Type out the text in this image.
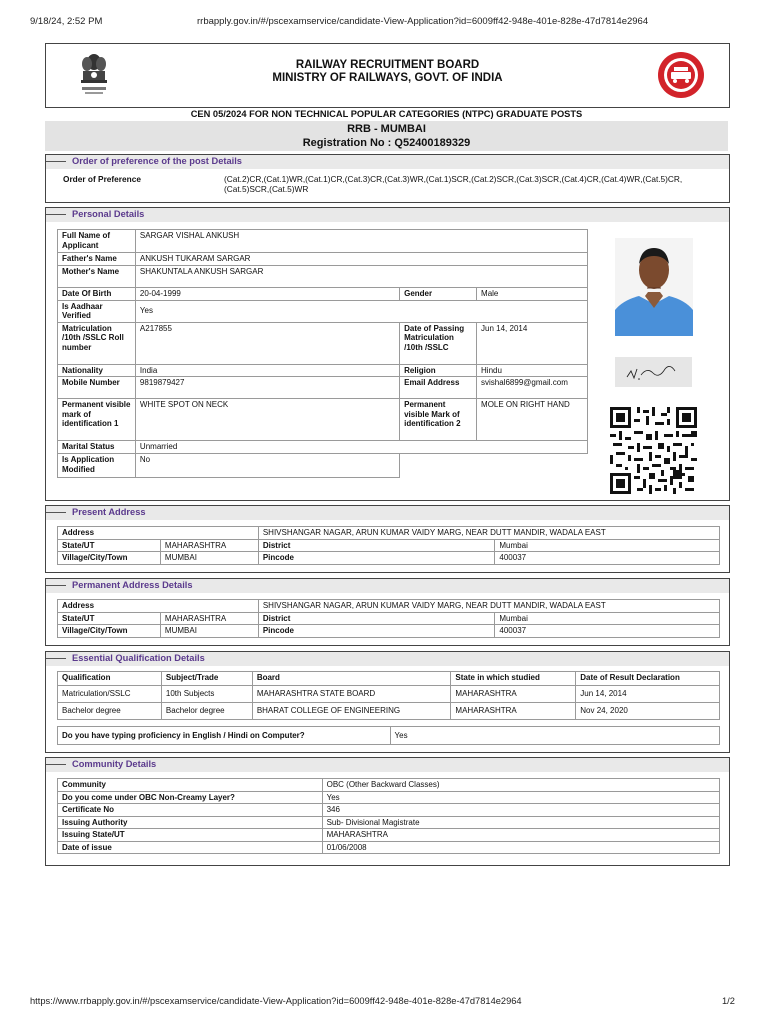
9/18/24, 2:52 PM	rrbapply.gov.in/#/pscexamservice/candidate-View-Application?id=6009ff42-948e-401e-828e-47d7814e2964
RAILWAY RECRUITMENT BOARD
MINISTRY OF RAILWAYS, GOVT. OF INDIA
CEN 05/2024 FOR NON TECHNICAL POPULAR CATEGORIES (NTPC) GRADUATE POSTS
RRB - MUMBAI
Registration No : Q52400189329
Order of preference of the post Details
Order of Preference	(Cat.2)CR,(Cat.1)WR,(Cat.1)CR,(Cat.3)CR,(Cat.3)WR,(Cat.1)SCR,(Cat.2)SCR,(Cat.3)SCR,(Cat.4)CR,(Cat.4)WR,(Cat.5)CR,(Cat.5)SCR,(Cat.5)WR
Personal Details
Full Name of Applicant	SARGAR VISHAL ANKUSH		
Father's Name	ANKUSH TUKARAM SARGAR		
Mother's Name	SHAKUNTALA ANKUSH SARGAR		
Date Of Birth	20-04-1999	Gender	Male
Is Aadhaar Verified	Yes		
Matriculation /10th /SSLC Roll number	A217855	Date of Passing Matriculation /10th /SSLC	Jun 14, 2014
Nationality	India	Religion	Hindu
Mobile Number	9819879427	Email Address	svishal6899@gmail.com
Permanent visible mark of identification 1	WHITE SPOT ON NECK	Permanent visible Mark of identification 2	MOLE ON RIGHT HAND
Marital Status	Unmarried		
Is Application Modified	No
Present Address
Address		SHIVSHANGAR NAGAR, ARUN KUMAR VAIDY MARG, NEAR DUTT MANDIR, WADALA EAST	
State/UT	MAHARASHTRA	District	Mumbai
Village/City/Town	MUMBAI	Pincode	400037
Permanent Address Details
Address		SHIVSHANGAR NAGAR, ARUN KUMAR VAIDY MARG, NEAR DUTT MANDIR, WADALA EAST	
State/UT	MAHARASHTRA	District	Mumbai
Village/City/Town	MUMBAI	Pincode	400037
Essential Qualification Details
Qualification	Subject/Trade	Board	State in which studied	Date of Result Declaration
Matriculation/SSLC	10th Subjects	MAHARASHTRA STATE BOARD	MAHARASHTRA	Jun 14, 2014
Bachelor degree	Bachelor degree	BHARAT COLLEGE OF ENGINEERING	MAHARASHTRA	Nov 24, 2020
Do you have typing proficiency in English / Hindi on Computer?	Yes
Community Details
Community	OBC (Other Backward Classes)
Do you come under OBC Non-Creamy Layer?	Yes
Certificate No	346
Issuing Authority	Sub- Divisional Magistrate
Issuing State/UT	MAHARASHTRA
Date of issue	01/06/2008
https://www.rrbapply.gov.in/#/pscexamservice/candidate-View-Application?id=6009ff42-948e-401e-828e-47d7814e2964	1/2
